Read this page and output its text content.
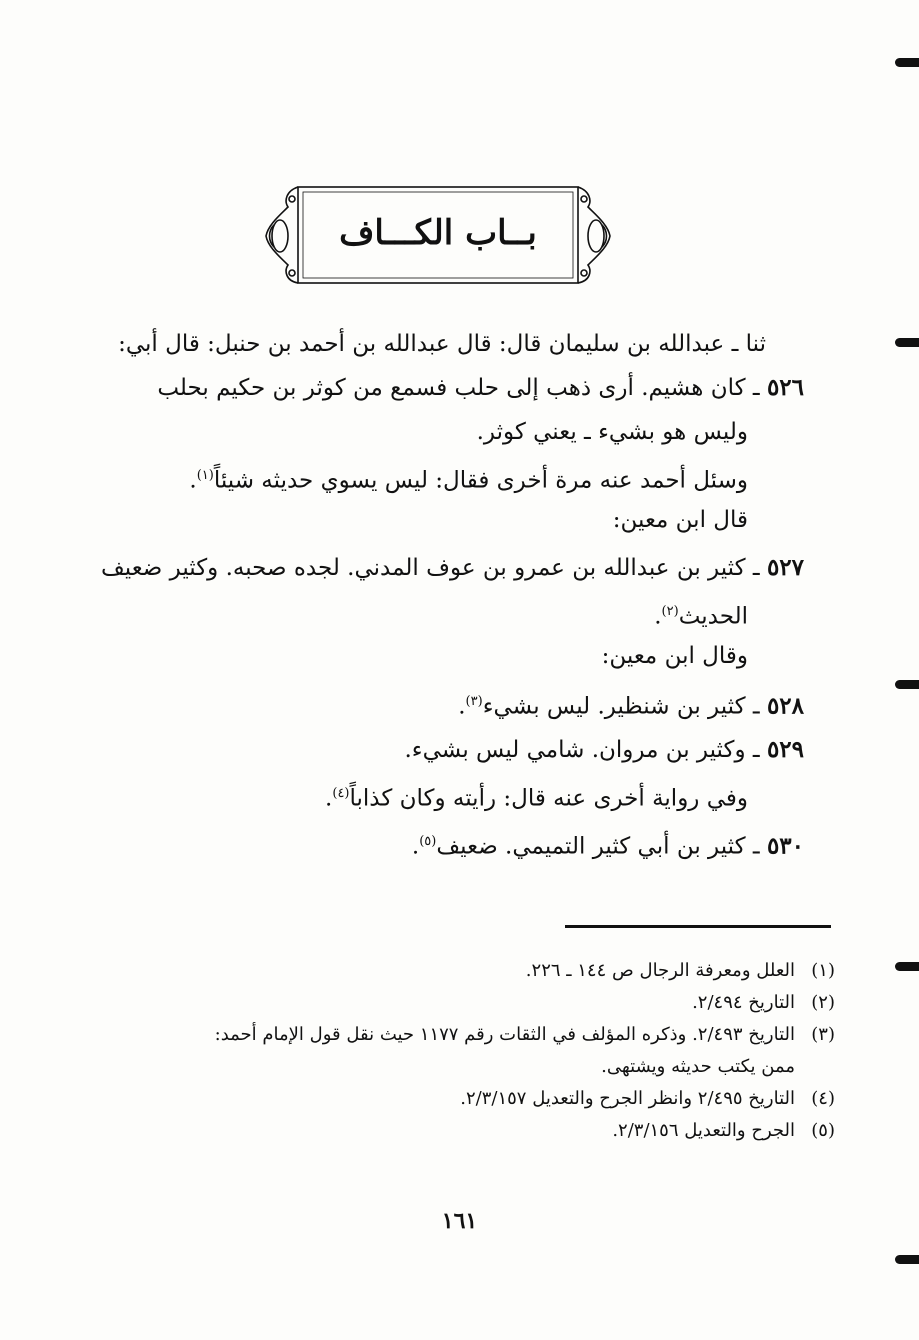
بــاب الكـــاف
ثنا ـ عبدالله بن سليمان قال: قال عبدالله بن أحمد بن حنبل: قال أبي:
٥٢٦ ـ كان هشيم. أرى ذهب إلى حلب فسمع من كوثر بن حكيم بحلب
وليس هو بشيء ـ يعني كوثر.
وسئل أحمد عنه مرة أخرى فقال: ليس يسوي حديثه شيئاً$^{(١)}$.
قال ابن معين:
٥٢٧ ـ كثير بن عبدالله بن عمرو بن عوف المدني. لجده صحبه. وكثير ضعيف
الحديث$^{(٢)}$.
وقال ابن معين:
٥٢٨ ـ كثير بن شنظير. ليس بشيء$^{(٣)}$.
٥٢٩ ـ وكثير بن مروان. شامي ليس بشيء.
وفي رواية أخرى عنه قال: رأيته وكان كذاباً$^{(٤)}$.
٥٣٠ ـ كثير بن أبي كثير التميمي. ضعيف$^{(٥)}$.
(١)العلل ومعرفة الرجال ص ١٤٤ ـ ٢٢٦.
(٢)التاريخ ٢/٤٩٤.
(٣)التاريخ ٢/٤٩٣. وذكره المؤلف في الثقات رقم ١١٧٧ حيث نقل قول الإمام أحمد:
ممن يكتب حديثه ويشتهى.
(٤)التاريخ ٢/٤٩٥ وانظر الجرح والتعديل ٢/٣/١٥٧.
(٥)الجرح والتعديل ٢/٣/١٥٦.
١٦١
